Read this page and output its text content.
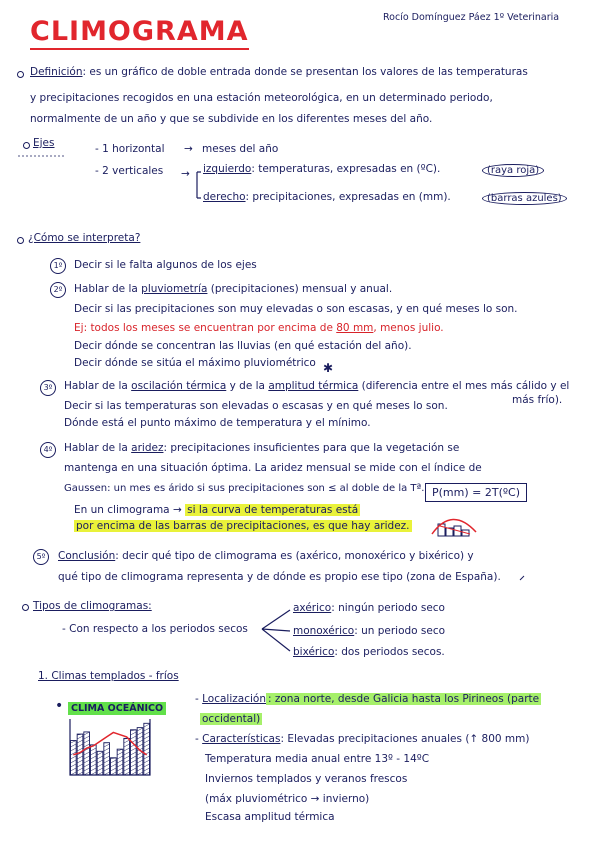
CLIMOGRAMA	Rocío Domínguez Páez 1º Veterinaria
Definición: es un gráfico de doble entrada donde se presentan los valores de las temperaturas
y precipitaciones recogidos en una estación meteorológica, en un determinado periodo,
normalmente de un año y que se subdivide en los diferentes meses del año.
Ejes	- 1 horizontal → meses del año
- 2 verticales → izquierdo: temperaturas, expresadas en (ºC).	(raya roja)
derecho: precipitaciones, expresadas en (mm).	(barras azules)
¿Cómo se interpreta?
1º	Decir si le falta algunos de los ejes
2º	Hablar de la pluviometría (precipitaciones) mensual y anual.
Decir si las precipitaciones son muy elevadas o son escasas, y en qué meses lo son.
Ej: todos los meses se encuentran por encima de 80 mm, menos julio.
Decir dónde se concentran las lluvias (en qué estación del año).
Decir dónde se sitúa el máximo pluviométrico
3º
✱
Hablar de la oscilación térmica y de la amplitud térmica (diferencia entre el mes más cálido y el
más frío).
Decir si las temperaturas son elevadas o escasas y en qué meses lo son.
Dónde está el punto máximo de temperatura y el mínimo.
4º	Hablar de la aridez: precipitaciones insuficientes para que la vegetación se
mantenga en una situación óptima. La aridez mensual se mide con el índice de
Gaussen: un mes es árido si sus precipitaciones son ≤ al doble de la Tª. P(mm) = 2T(ºC)
En un climograma → si la curva de temperaturas está
por encima de las barras de precipitaciones, es que hay aridez.
5º	Conclusión: decir qué tipo de climograma es (axérico, monoxérico y bixérico) y
qué tipo de climograma representa y de dónde es propio ese tipo (zona de España).
Tipos de climogramas:
- Con respecto a los periodos secos
axérico: ningún periodo seco
monoxérico: un periodo seco
bixérico: dos periodos secos.
1. Climas templados - fríos
• CLIMA OCEÁNICO
- Localización : zona norte, desde Galicia hasta los Pirineos (parte
occidental)
- Características: Elevadas precipitaciones anuales (↑ 800 mm)
Temperatura media anual entre 13º - 14ºC
Inviernos templados y veranos frescos
(máx pluviométrico → invierno)
Escasa amplitud térmica
